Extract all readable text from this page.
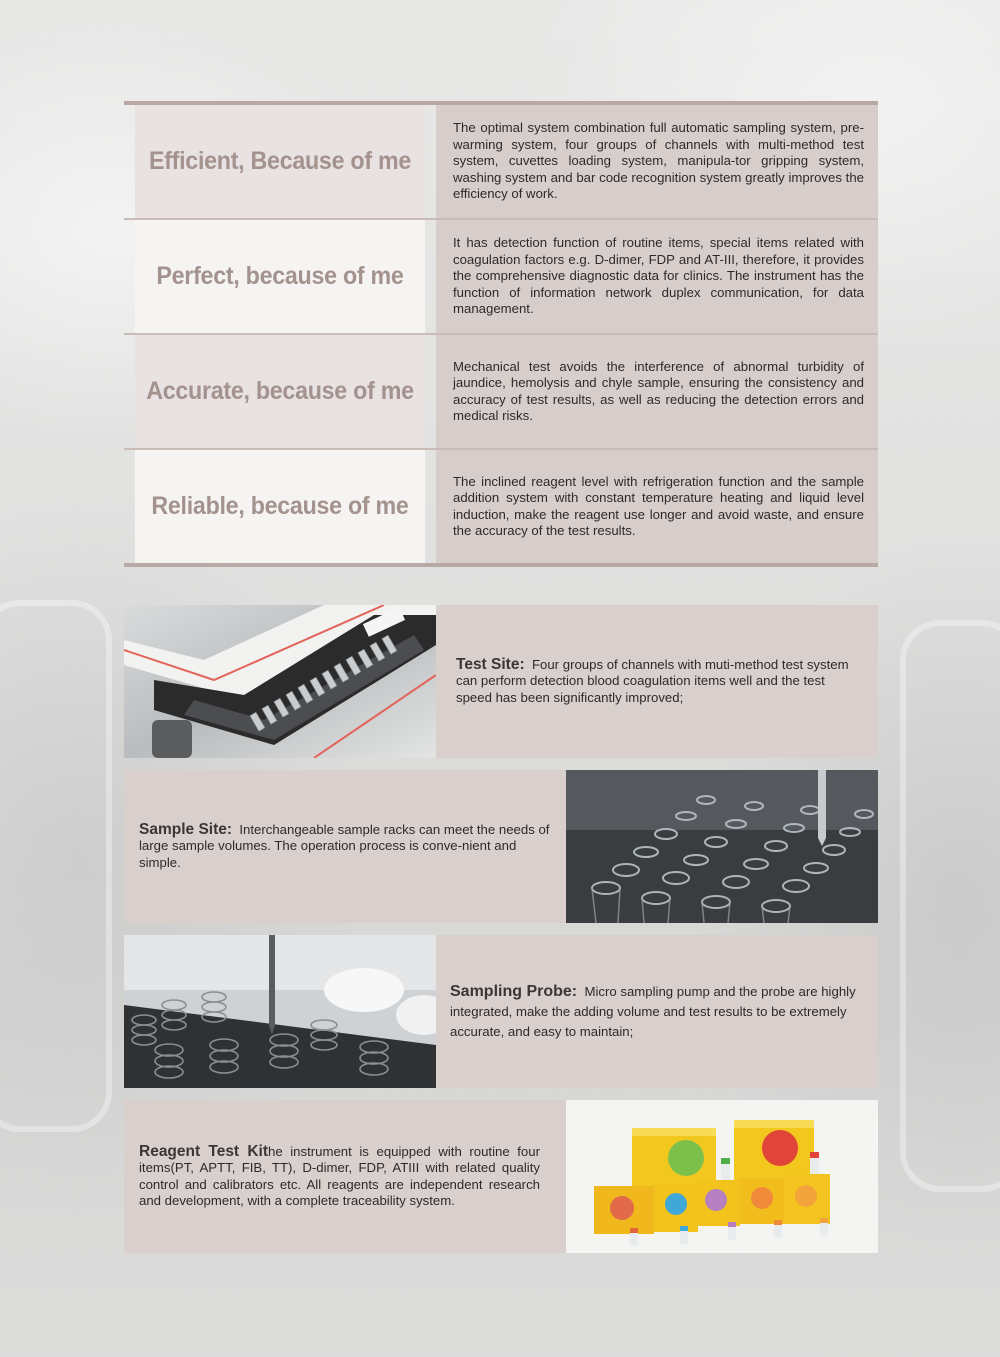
Efficient, Because of me
The optimal system combination full automatic sampling system, pre-warming system, four groups of channels with multi-method test system, cuvettes loading system, manipula-tor gripping system, washing system and bar code recognition system greatly improves the efficiency of work.
Perfect, because of me
It has detection function of routine items, special items related with coagulation factors e.g. D-dimer, FDP and AT-III, therefore, it provides the comprehensive diagnostic data for clinics. The instrument has the function of information network duplex communication, for data management.
Accurate, because of me
Mechanical test avoids the interference of abnormal turbidity of jaundice, hemolysis and chyle sample, ensuring the consistency and accuracy of test results, as well as reducing the detection errors and medical risks.
Reliable, because of me
The inclined reagent level with refrigeration function and the sample addition system with constant temperature heating and liquid level induction, make the reagent use longer and avoid waste, and ensure the accuracy of the test results.

Test Site: Four groups of channels with muti-method test system can perform detection blood coagulation items well and the test speed has been significantly improved;

Sample Site: Interchangeable sample racks can meet the needs of large sample volumes. The operation process is conve-nient and simple.

Sampling Probe: Micro sampling pump and the probe are highly integrated, make the adding volume and test results to be extremely accurate, and easy to maintain;

Reagent Test Kithe instrument is equipped with routine four items(PT, APTT, FIB, TT), D-dimer, FDP, ATIII with related quality control and calibrators etc. All reagents are independent research and development, with a complete traceability system.
